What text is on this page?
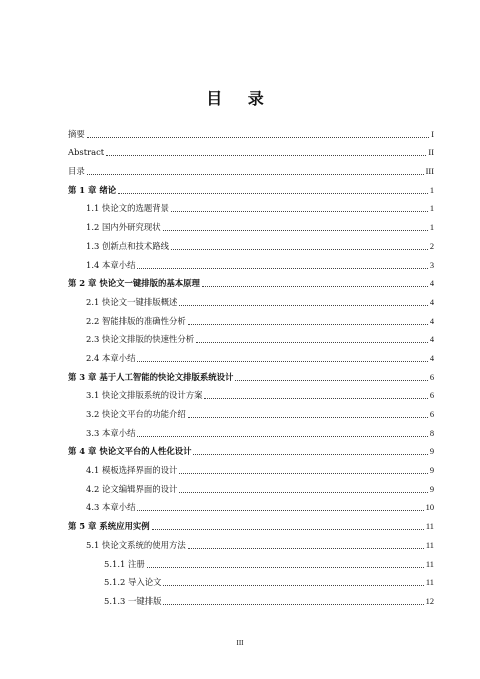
目 录
摘要	I
Abstract	II
目录	III
第 1 章 绪论	1
1.1 快论文的选题背景	1
1.2 国内外研究现状	1
1.3 创新点和技术路线	2
1.4 本章小结	3
第 2 章 快论文一键排版的基本原理	4
2.1 快论文一键排版概述	4
2.2 智能排版的准确性分析	4
2.3 快论文排版的快速性分析	4
2.4 本章小结	4
第 3 章 基于人工智能的快论文排版系统设计	6
3.1 快论文排版系统的设计方案	6
3.2 快论文平台的功能介绍	6
3.3 本章小结	8
第 4 章 快论文平台的人性化设计	9
4.1 模板选择界面的设计	9
4.2 论文编辑界面的设计	9
4.3 本章小结	10
第 5 章 系统应用实例	11
5.1 快论文系统的使用方法	11
5.1.1 注册	11
5.1.2 导入论文	11
5.1.3 一键排版	12
III
